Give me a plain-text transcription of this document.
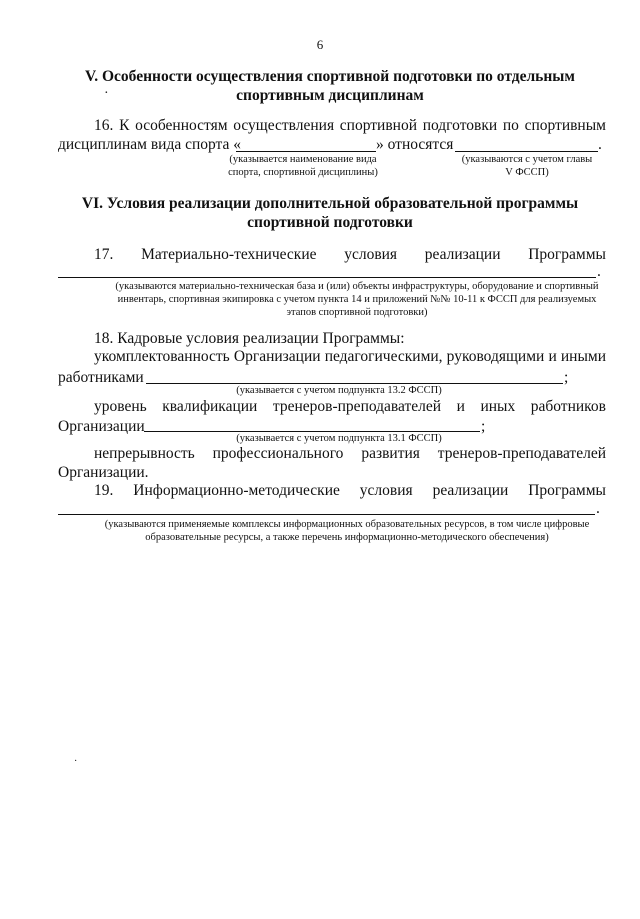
6
V. Особенности осуществления спортивной подготовки по отдельным
спортивным дисциплинам
·
16. К особенностям осуществления спортивной подготовки по спортивным
дисциплинам вида спорта «	» относятся	.
(указывается наименование вида спорта, спортивной дисциплины)
(указываются с учетом главы V ФССП)
VI. Условия реализации дополнительной образовательной программы
спортивной подготовки
17. Материально-технические условия реализации Программы
.
(указываются материально-техническая база и (или) объекты инфраструктуры, оборудование и спортивный инвентарь, спортивная экипировка с учетом пункта 14 и приложений №№ 10-11 к ФССП для реализуемых этапов спортивной подготовки)
18. Кадровые условия реализации Программы:
укомплектованность Организации педагогическими, руководящими и иными
работниками	;
(указывается с учетом подпункта 13.2 ФССП)
уровень квалификации тренеров-преподавателей и иных работников
Организации	;
(указывается с учетом подпункта 13.1 ФССП)
непрерывность профессионального развития тренеров-преподавателей
Организации.
19. Информационно-методические условия реализации Программы
.
(указываются применяемые комплексы информационных образовательных ресурсов, в том числе цифровые образовательные ресурсы, а также перечень информационно-методического обеспечения)
·
